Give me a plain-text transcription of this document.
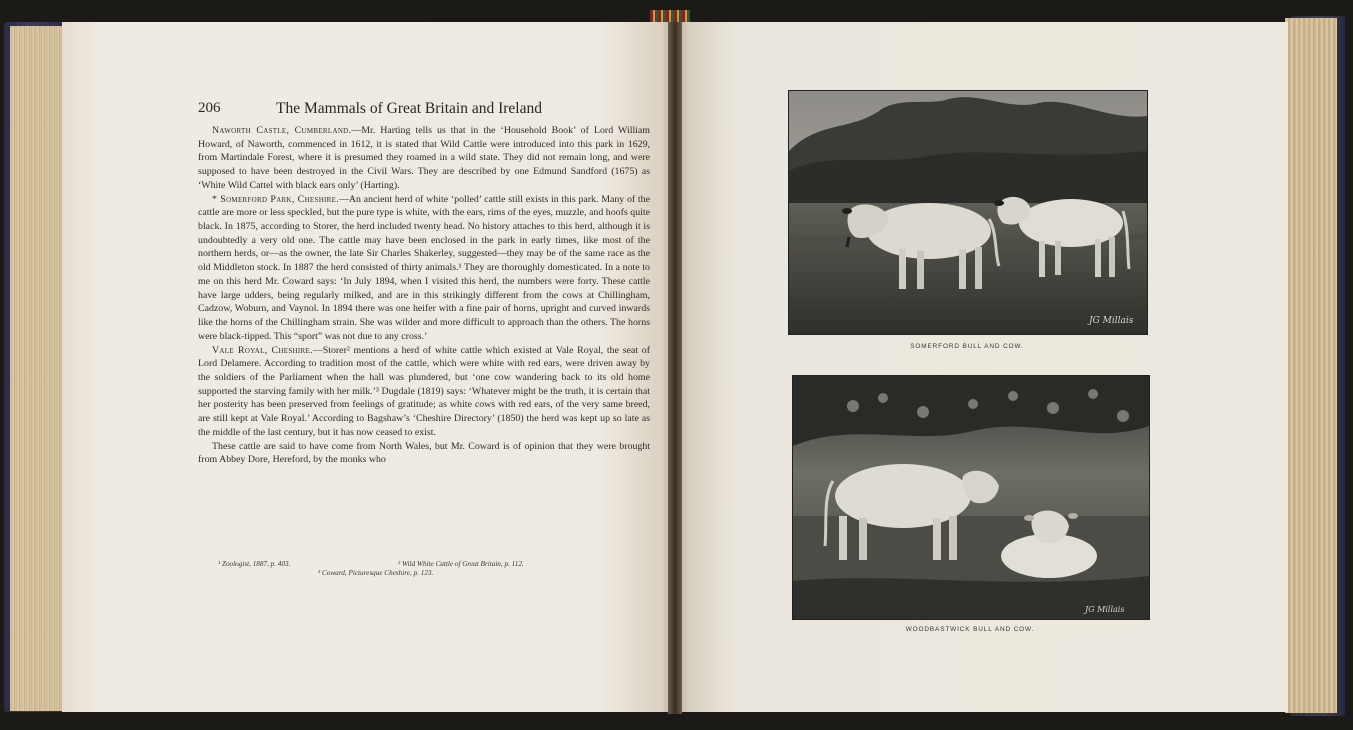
206	The Mammals of Great Britain and Ireland

Naworth Castle, Cumberland.—Mr. Harting tells us that in the ‘Household Book’ of Lord William Howard, of Naworth, commenced in 1612, it is stated that Wild Cattle were introduced into this park in 1629, from Martindale Forest, where it is presumed they roamed in a wild state. They did not remain long, and were supposed to have been destroyed in the Civil Wars. They are described by one Edmund Sandford (1675) as ‘White Wild Cattel with black ears only’ (Harting).

* Somerford Park, Cheshire.—An ancient herd of white ‘polled’ cattle still exists in this park. Many of the cattle are more or less speckled, but the pure type is white, with the ears, rims of the eyes, muzzle, and hoofs quite black. In 1875, according to Storer, the herd included twenty head. No history attaches to this herd, although it is undoubtedly a very old one. The cattle may have been enclosed in the park in early times, like most of the northern herds, or—as the owner, the late Sir Charles Shakerley, suggested—they may be of the same race as the old Middleton stock. In 1887 the herd consisted of thirty animals.¹ They are thoroughly domesticated. In a note to me on this herd Mr. Coward says: ‘In July 1894, when I visited this herd, the numbers were forty. These cattle have large udders, being regularly milked, and are in this strikingly different from the cows at Chillingham, Cadzow, Woburn, and Vaynol. In 1894 there was one heifer with a fine pair of horns, upright and curved inwards like the horns of the Chillingham strain. She was wilder and more difficult to approach than the others. The horns were black-tipped. This “sport” was not due to any cross.’

Vale Royal, Cheshire.—Storer² mentions a herd of white cattle which existed at Vale Royal, the seat of Lord Delamere. According to tradition most of the cattle, which were white with red ears, were driven away by the soldiers of the Parliament when the hall was plundered, but ‘one cow wandering back to its old home supported the starving family with her milk.’³ Dugdale (1819) says: ‘Whatever might be the truth, it is certain that her posterity has been preserved from feelings of gratitude; as white cows with red ears, of the very same breed, are still kept at Vale Royal.’ According to Bagshaw’s ‘Cheshire Directory’ (1850) the herd was kept up so late as the middle of the last century, but it has now ceased to exist.

These cattle are said to have come from North Wales, but Mr. Coward is of opinion that they were brought from Abbey Dore, Hereford, by the monks who

¹ Zoologist, 1887, p. 403.	² Wild White Cattle of Great Britain, p. 112.
³ Coward, Picturesque Cheshire, p. 123.
JG Millais
SOMERFORD BULL AND COW.
JG Millais
WOODBASTWICK BULL AND COW.
